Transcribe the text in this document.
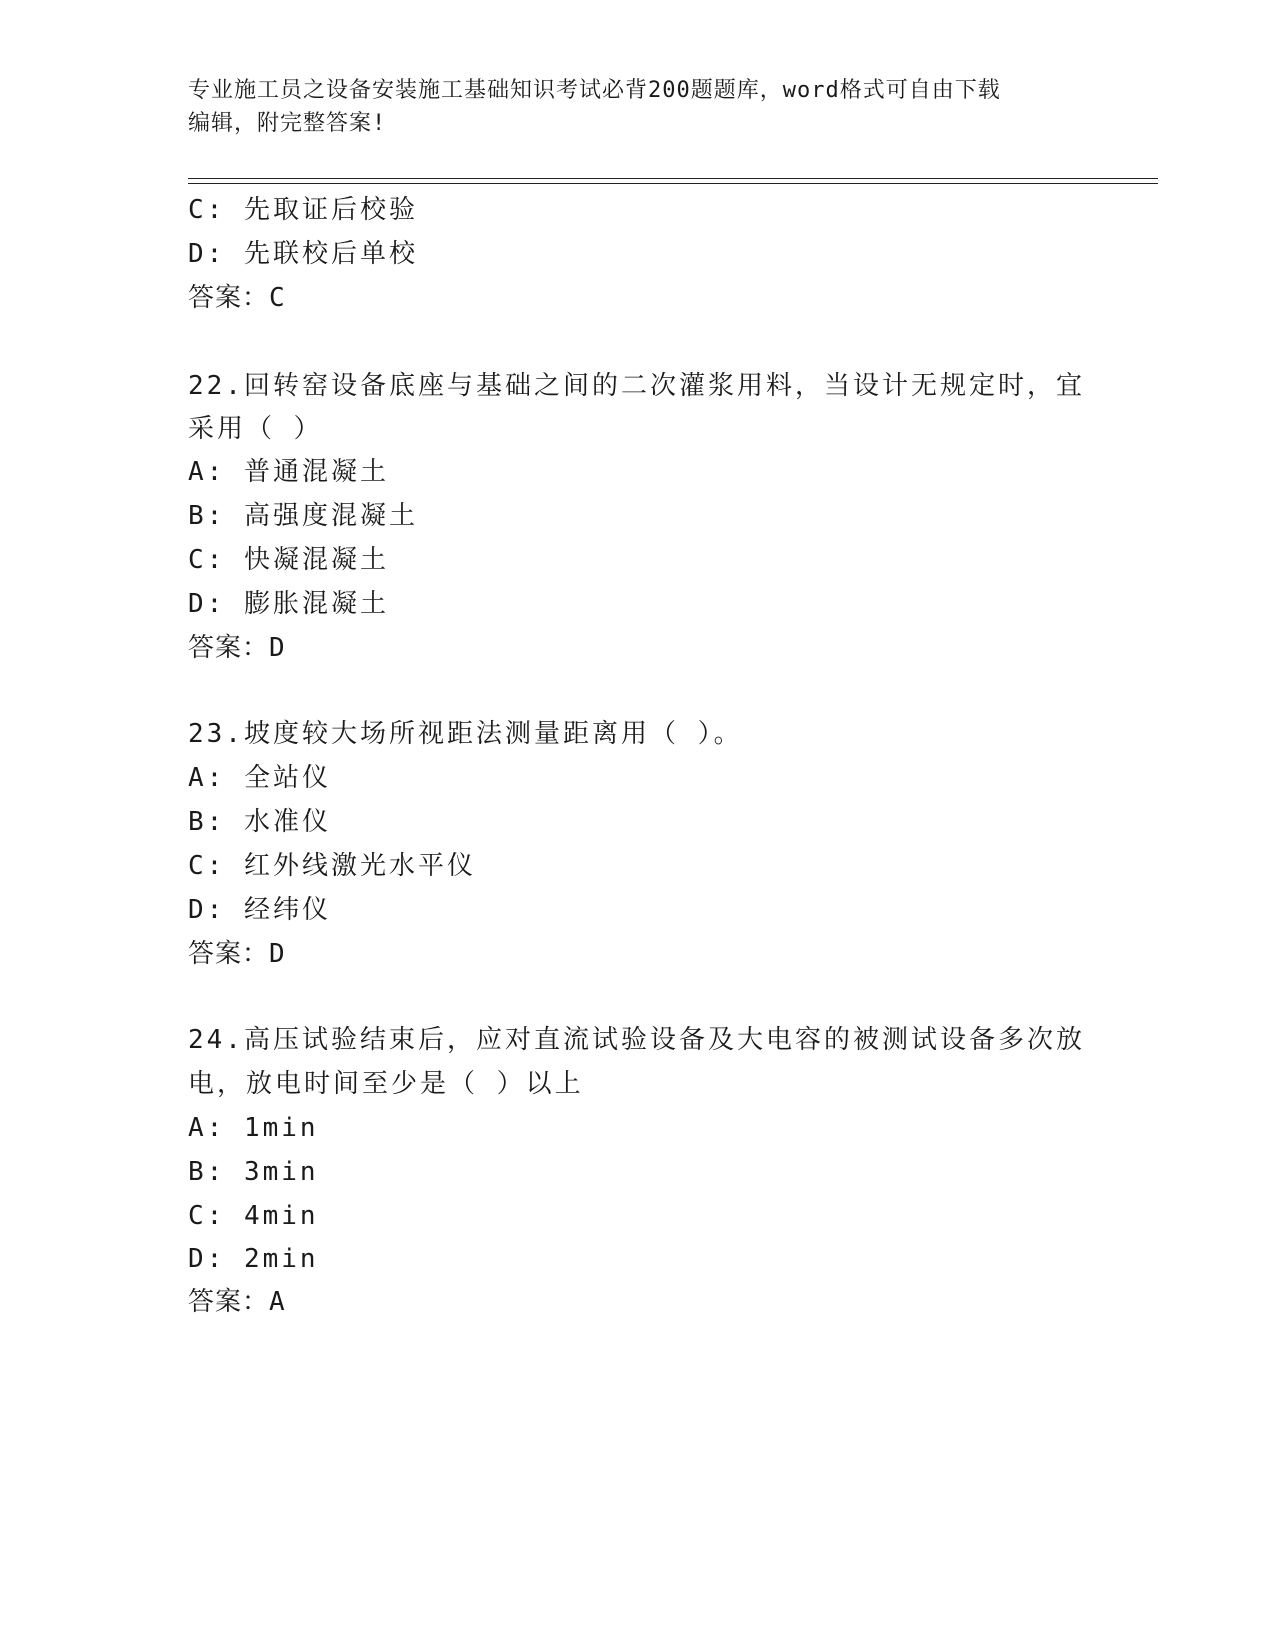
专业施工员之设备安装施工基础知识考试必背200题题库，word格式可自由下载
编辑，附完整答案!
C: 先取证后校验
D: 先联校后单校
答案：C
22.回转窑设备底座与基础之间的二次灌浆用料，当设计无规定时，宜
采用（ ）
A: 普通混凝土
B: 高强度混凝土
C: 快凝混凝土
D: 膨胀混凝土
答案：D
23.坡度较大场所视距法测量距离用（ ）。
A: 全站仪
B: 水准仪
C: 红外线激光水平仪
D: 经纬仪
答案：D
24.高压试验结束后，应对直流试验设备及大电容的被测试设备多次放
电，放电时间至少是（ ）以上
A: 1min
B: 3min
C: 4min
D: 2min
答案：A
